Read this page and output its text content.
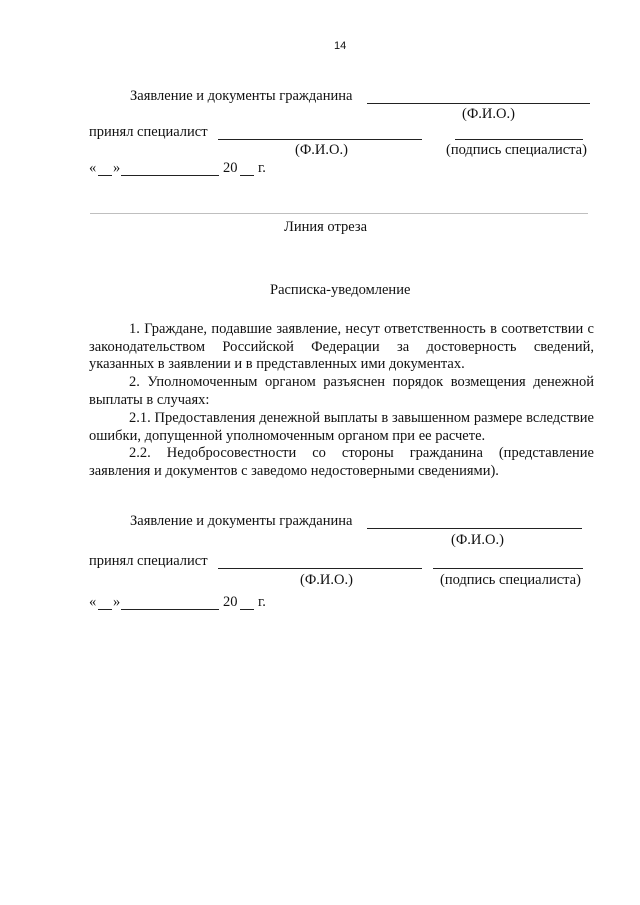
14
Заявление и документы гражданина
(Ф.И.О.)
принял специалист
(Ф.И.О.)	(подпись специалиста)
« »	20 г.
Линия отреза
Расписка-уведомление
1. Граждане, подавшие заявление, несут ответственность в соответствии с законодательством Российской Федерации за достоверность сведений, указанных в заявлении и в представленных ими документах.
2. Уполномоченным органом разъяснен порядок возмещения денежной выплаты в случаях:
2.1. Предоставления денежной выплаты в завышенном размере вследствие ошибки, допущенной уполномоченным органом при ее расчете.
2.2. Недобросовестности со стороны гражданина (представление заявления и документов с заведомо недостоверными сведениями).
Заявление и документы гражданина
(Ф.И.О.)
принял специалист
(Ф.И.О.)	(подпись специалиста)
« »	20 г.
